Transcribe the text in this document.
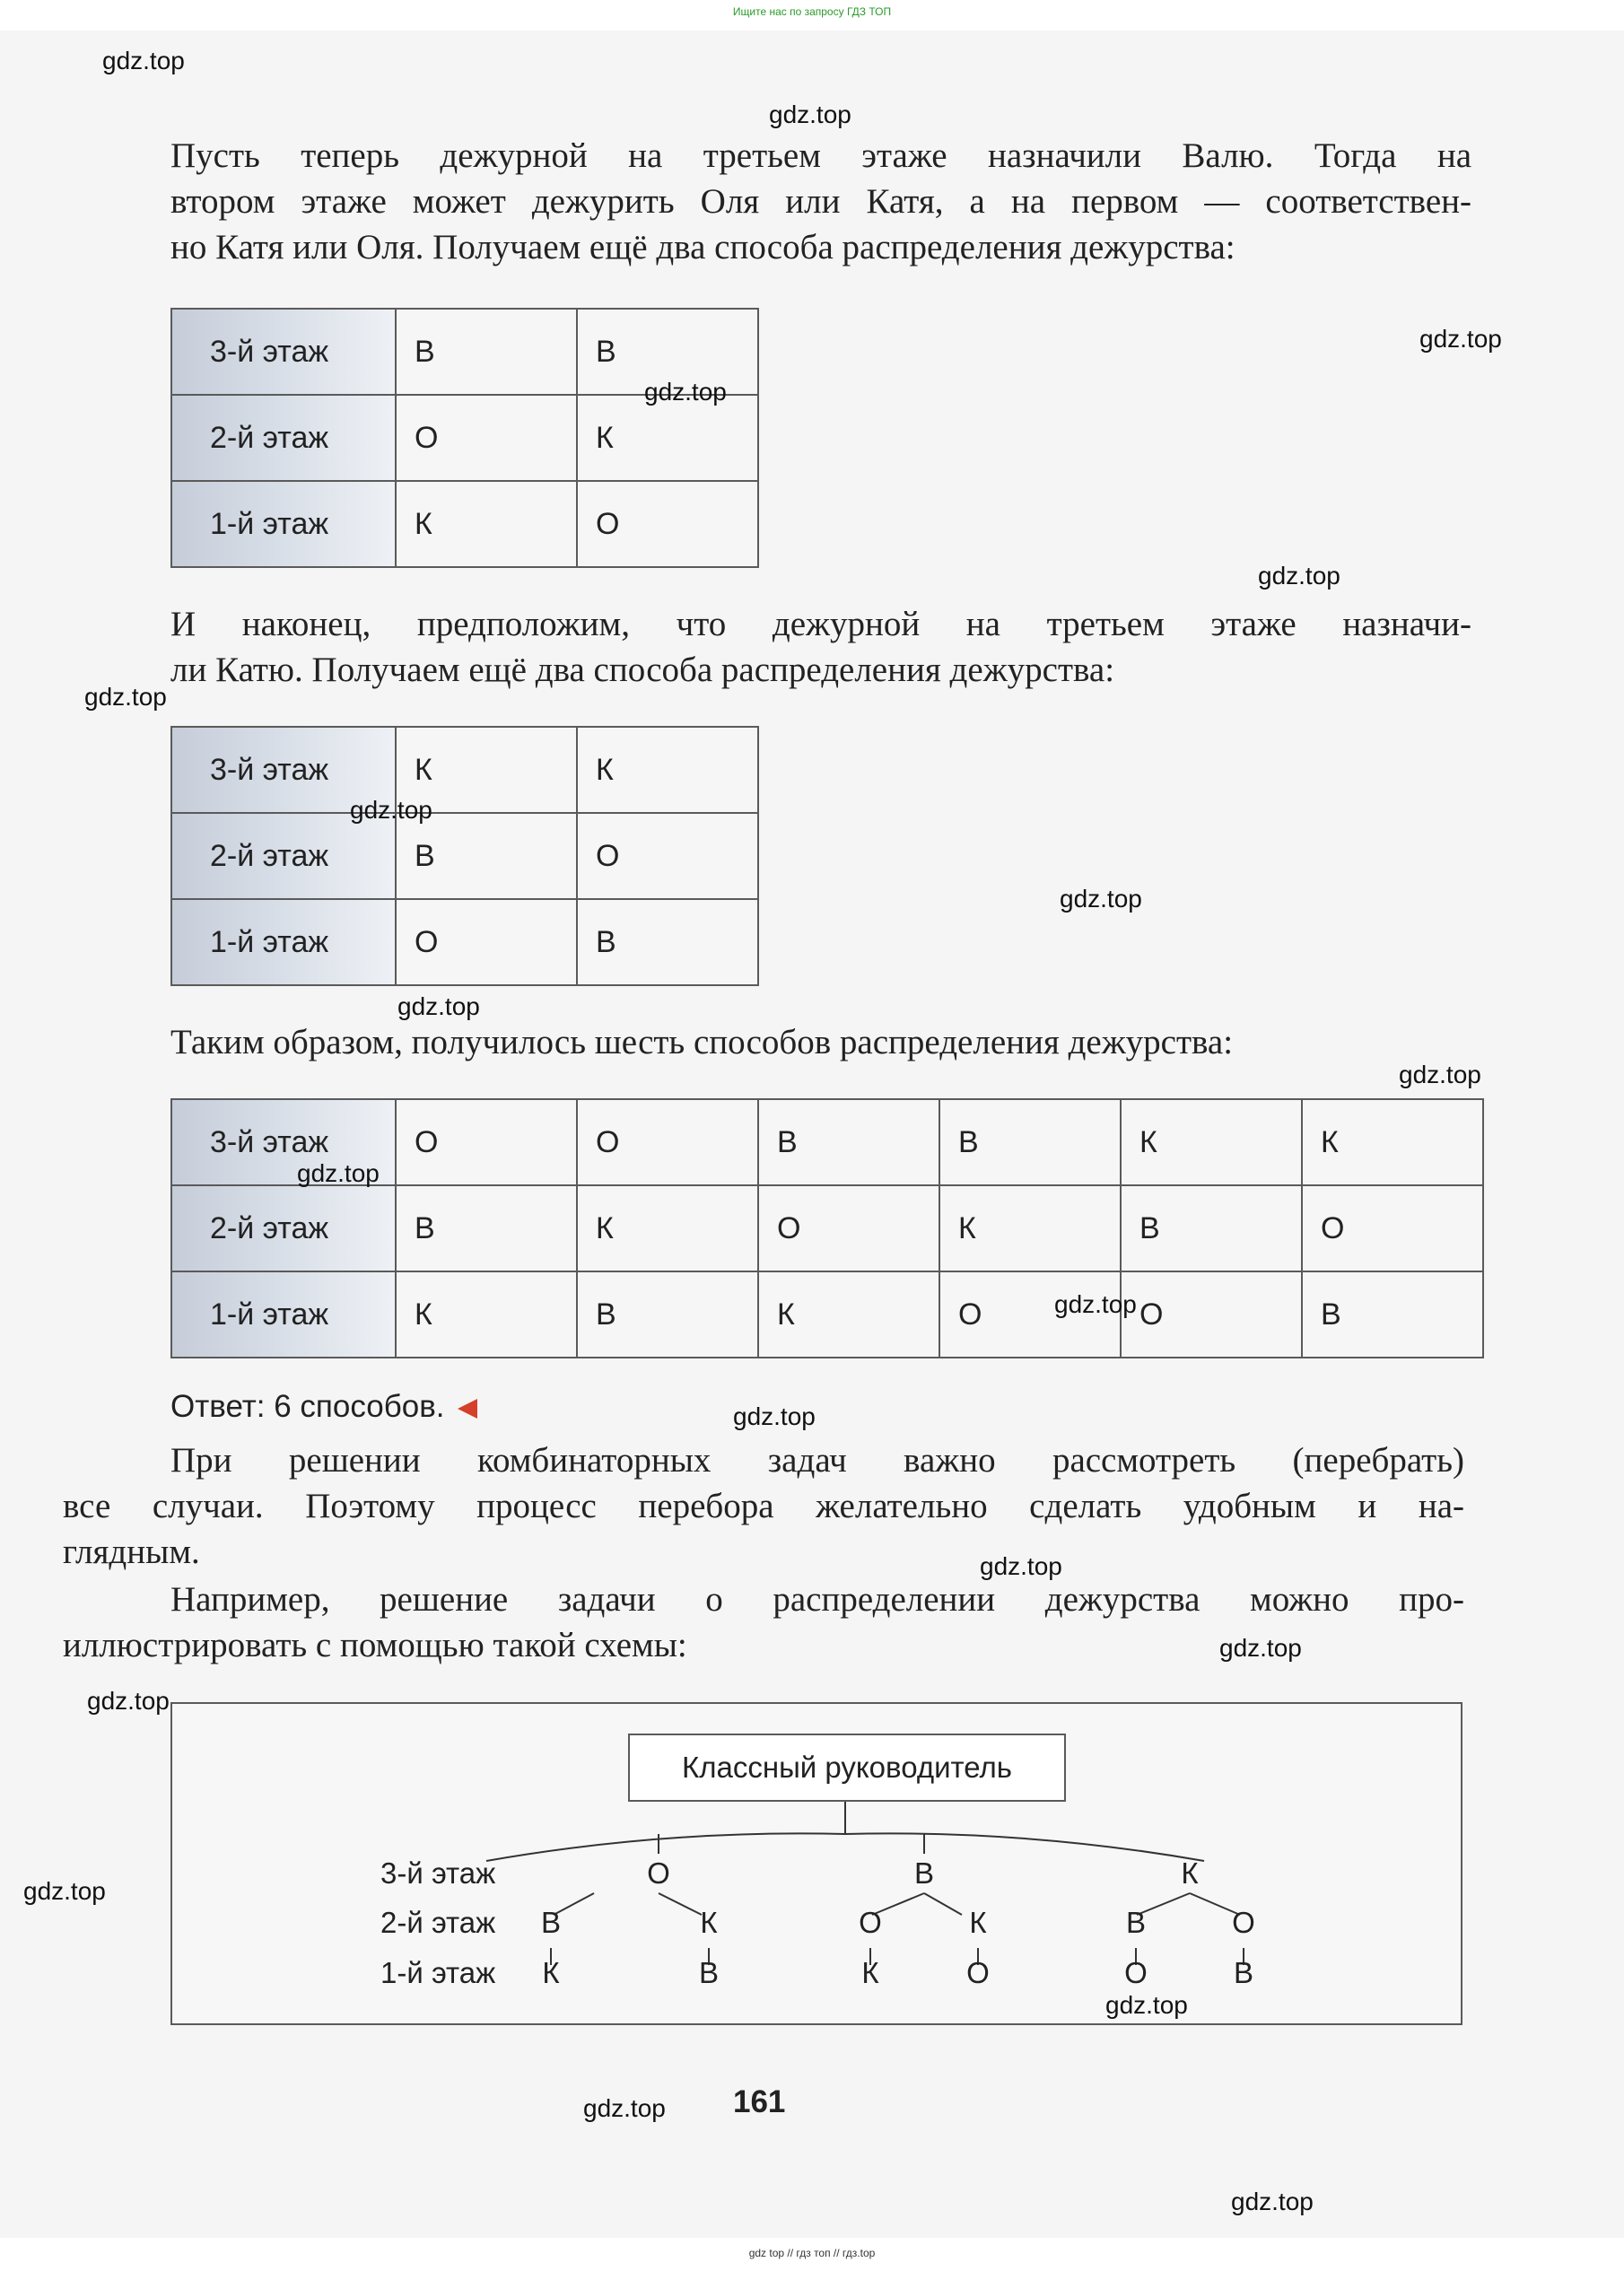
Ищите нас по запросу ГДЗ ТОП
Пусть теперь дежурной на третьем этаже назначили Валю. Тогда на
втором этаже может дежурить Оля или Катя, а на первом — соответствен-
но Катя или Оля. Получаем ещё два способа распределения дежурства:
3-й этаж	В	В
2-й этаж	О	К
1-й этаж	К	О
И наконец, предположим, что дежурной на третьем этаже назначи-
ли Катю. Получаем ещё два способа распределения дежурства:
3-й этаж	К	К
2-й этаж	В	О
1-й этаж	О	В
Таким образом, получилось шесть способов распределения дежурства:
3-й этаж	О	О	В	В	К	К
2-й этаж	В	К	О	К	В	О
1-й этаж	К	В	К	О	О	В
Ответ: 6 способов.
При решении комбинаторных задач важно рассмотреть (перебрать)
все случаи. Поэтому процесс перебора желательно сделать удобным и на-
глядным.
Например, решение задачи о распределении дежурства можно про-
иллюстрировать с помощью такой схемы:
Классный руководитель
3-й этаж
2-й этаж
1-й этаж
О	В	К
В	К	О	К	В	О
К	В	К	О	О	В
161
gdz.top
gdz.top
gdz.top
gdz.top
gdz.top
gdz.top
gdz.top
gdz.top
gdz.top
gdz.top
gdz.top
gdz.top
gdz.top
gdz.top
gdz.top
gdz.top
gdz.top
gdz.top
gdz.top
gdz.top
gdz top // гдз топ // гдз.top
